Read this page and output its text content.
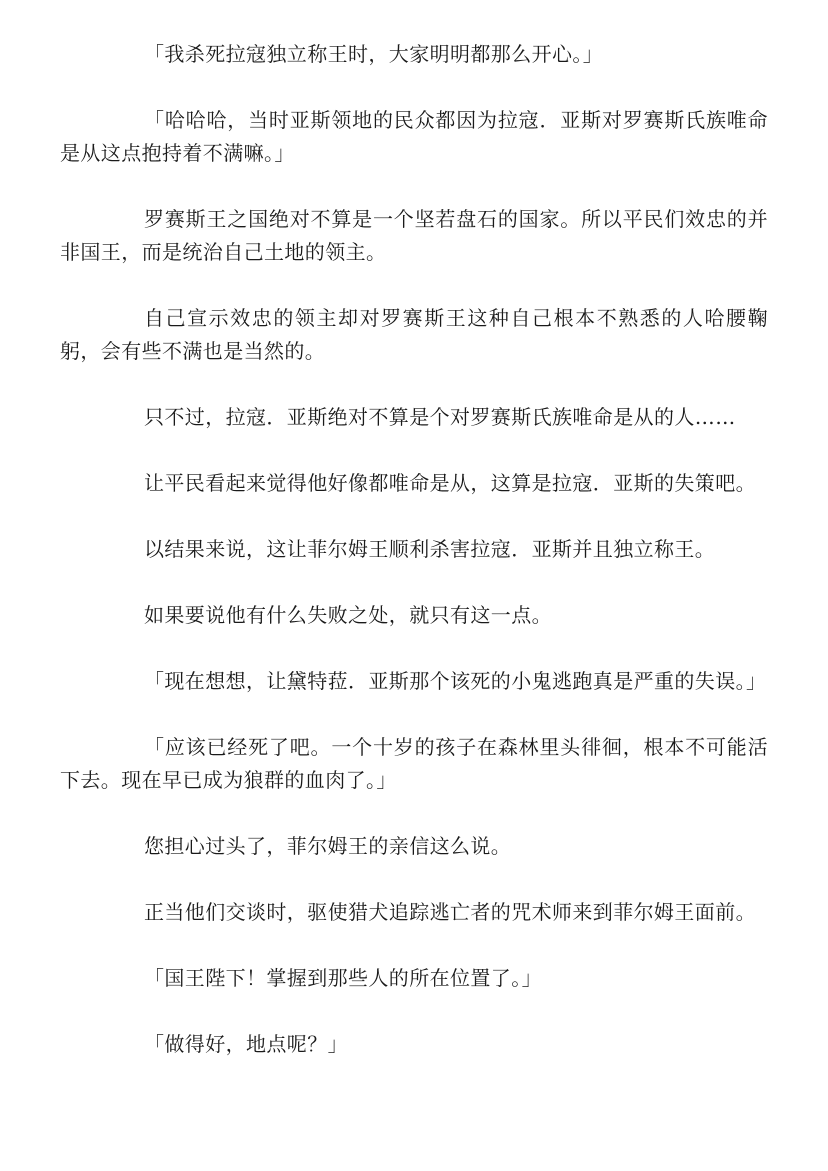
「我杀死拉寇独立称王时，大家明明都那么开心。」

「哈哈哈，当时亚斯领地的民众都因为拉寇．亚斯对罗赛斯氏族唯命是从这点抱持着不满嘛。」

罗赛斯王之国绝对不算是一个坚若盘石的国家。所以平民们效忠的并非国王，而是统治自己土地的领主。

自己宣示效忠的领主却对罗赛斯王这种自己根本不熟悉的人哈腰鞠躬，会有些不满也是当然的。

只不过，拉寇．亚斯绝对不算是个对罗赛斯氏族唯命是从的人……

让平民看起来觉得他好像都唯命是从，这算是拉寇．亚斯的失策吧。

以结果来说，这让菲尔姆王顺利杀害拉寇．亚斯并且独立称王。

如果要说他有什么失败之处，就只有这一点。

「现在想想，让黛特菈．亚斯那个该死的小鬼逃跑真是严重的失误。」

「应该已经死了吧。一个十岁的孩子在森林里头徘徊，根本不可能活下去。现在早已成为狼群的血肉了。」

您担心过头了，菲尔姆王的亲信这么说。

正当他们交谈时，驱使猎犬追踪逃亡者的咒术师来到菲尔姆王面前。

「国王陛下！掌握到那些人的所在位置了。」

「做得好，地点呢？」
